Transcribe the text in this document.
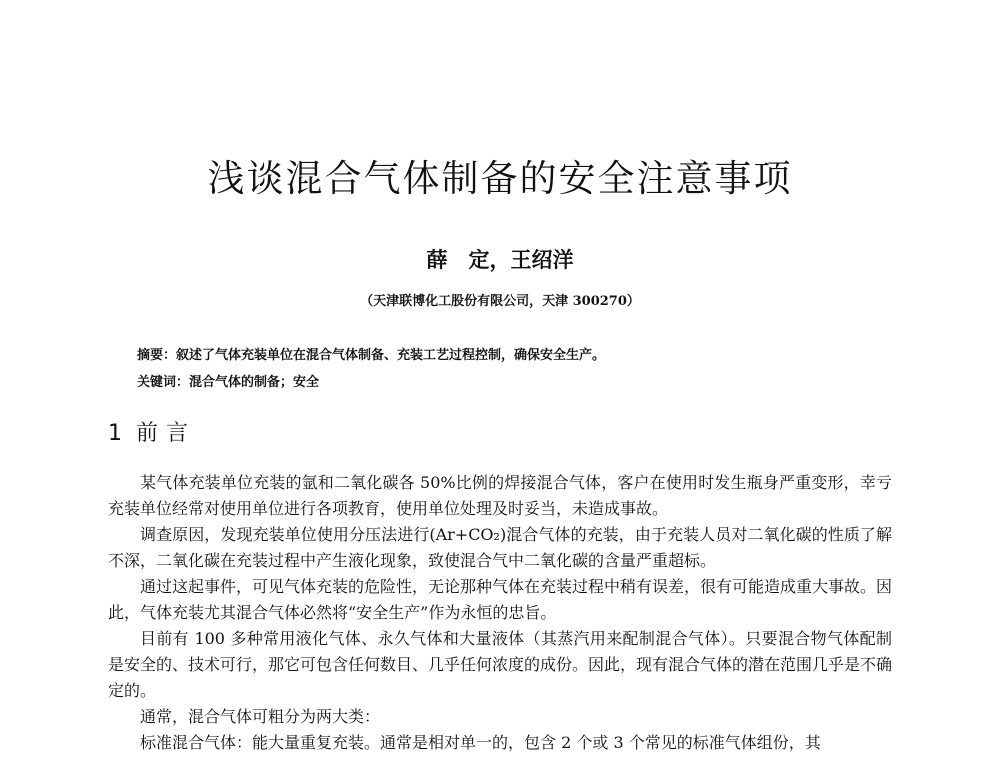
浅谈混合气体制备的安全注意事项
薛　定，王绍洋
（天津联博化工股份有限公司，天津 300270）
摘要：叙述了气体充装单位在混合气体制备、充装工艺过程控制，确保安全生产。
关键词：混合气体的制备；安全
1 前言

某气体充装单位充装的氩和二氧化碳各 50%比例的焊接混合气体，客户在使用时发生瓶身严重变形，幸亏充装单位经常对使用单位进行各项教育，使用单位处理及时妥当，未造成事故。

调查原因，发现充装单位使用分压法进行(Ar+CO₂)混合气体的充装，由于充装人员对二氧化碳的性质了解不深，二氧化碳在充装过程中产生液化现象，致使混合气中二氧化碳的含量严重超标。

通过这起事件，可见气体充装的危险性，无论那种气体在充装过程中稍有误差，很有可能造成重大事故。因此，气体充装尤其混合气体必然将“安全生产”作为永恒的忠旨。

目前有 100 多种常用液化气体、永久气体和大量液体（其蒸汽用来配制混合气体）。只要混合物气体配制是安全的、技术可行，那它可包含任何数目、几乎任何浓度的成份。因此，现有混合气体的潜在范围几乎是不确定的。

通常，混合气体可粗分为两大类：

标准混合气体：能大量重复充装。通常是相对单一的，包含 2 个或 3 个常见的标准气体组份，其
